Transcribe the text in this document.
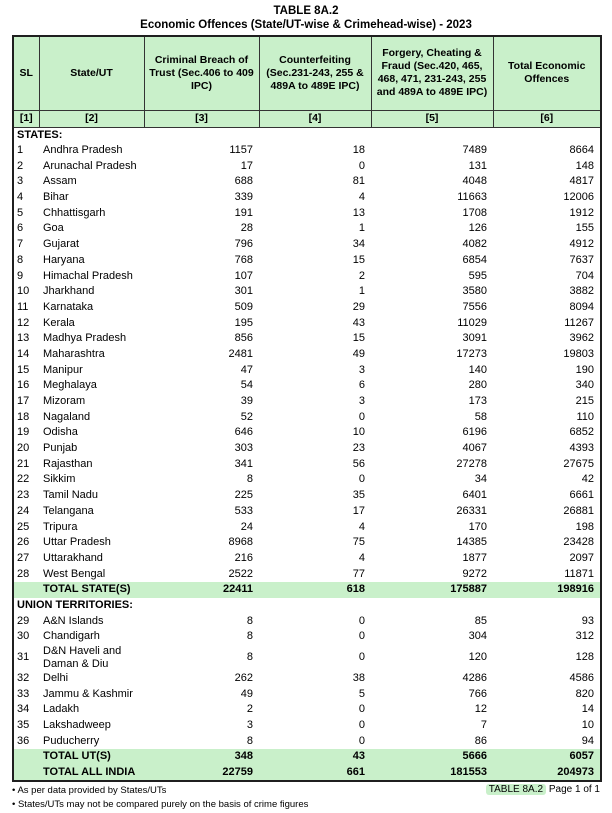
TABLE 8A.2
Economic Offences (State/UT-wise & Crimehead-wise) - 2023
SL	State/UT	Criminal Breach of Trust (Sec.406 to 409 IPC)	Counterfeiting (Sec.231-243, 255 & 489A to 489E IPC)	Forgery, Cheating & Fraud (Sec.420, 465, 468, 471, 231-243, 255 and 489A to 489E IPC)	Total Economic Offences
[1]	[2]	[3]	[4]	[5]	[6]
STATES:					
1	Andhra Pradesh	1157	18	7489	8664
2	Arunachal Pradesh	17	0	131	148
3	Assam	688	81	4048	4817
4	Bihar	339	4	11663	12006
5	Chhattisgarh	191	13	1708	1912
6	Goa	28	1	126	155
7	Gujarat	796	34	4082	4912
8	Haryana	768	15	6854	7637
9	Himachal Pradesh	107	2	595	704
10	Jharkhand	301	1	3580	3882
11	Karnataka	509	29	7556	8094
12	Kerala	195	43	11029	11267
13	Madhya Pradesh	856	15	3091	3962
14	Maharashtra	2481	49	17273	19803
15	Manipur	47	3	140	190
16	Meghalaya	54	6	280	340
17	Mizoram	39	3	173	215
18	Nagaland	52	0	58	110
19	Odisha	646	10	6196	6852
20	Punjab	303	23	4067	4393
21	Rajasthan	341	56	27278	27675
22	Sikkim	8	0	34	42
23	Tamil Nadu	225	35	6401	6661
24	Telangana	533	17	26331	26881
25	Tripura	24	4	170	198
26	Uttar Pradesh	8968	75	14385	23428
27	Uttarakhand	216	4	1877	2097
28	West Bengal	2522	77	9272	11871
	TOTAL STATE(S)	22411	618	175887	198916
UNION TERRITORIES:					
29	A&N Islands	8	0	85	93
30	Chandigarh	8	0	304	312
31	D&N Haveli and Daman & Diu	8	0	120	128
32	Delhi	262	38	4286	4586
33	Jammu & Kashmir	49	5	766	820
34	Ladakh	2	0	12	14
35	Lakshadweep	3	0	7	10
36	Puducherry	8	0	86	94
	TOTAL UT(S)	348	43	5666	6057
	TOTAL ALL INDIA	22759	661	181553	204973
• As per data provided by States/UTs
• States/UTs may not be compared purely on the basis of crime figures
TABLE 8A.2 Page 1 of 1
